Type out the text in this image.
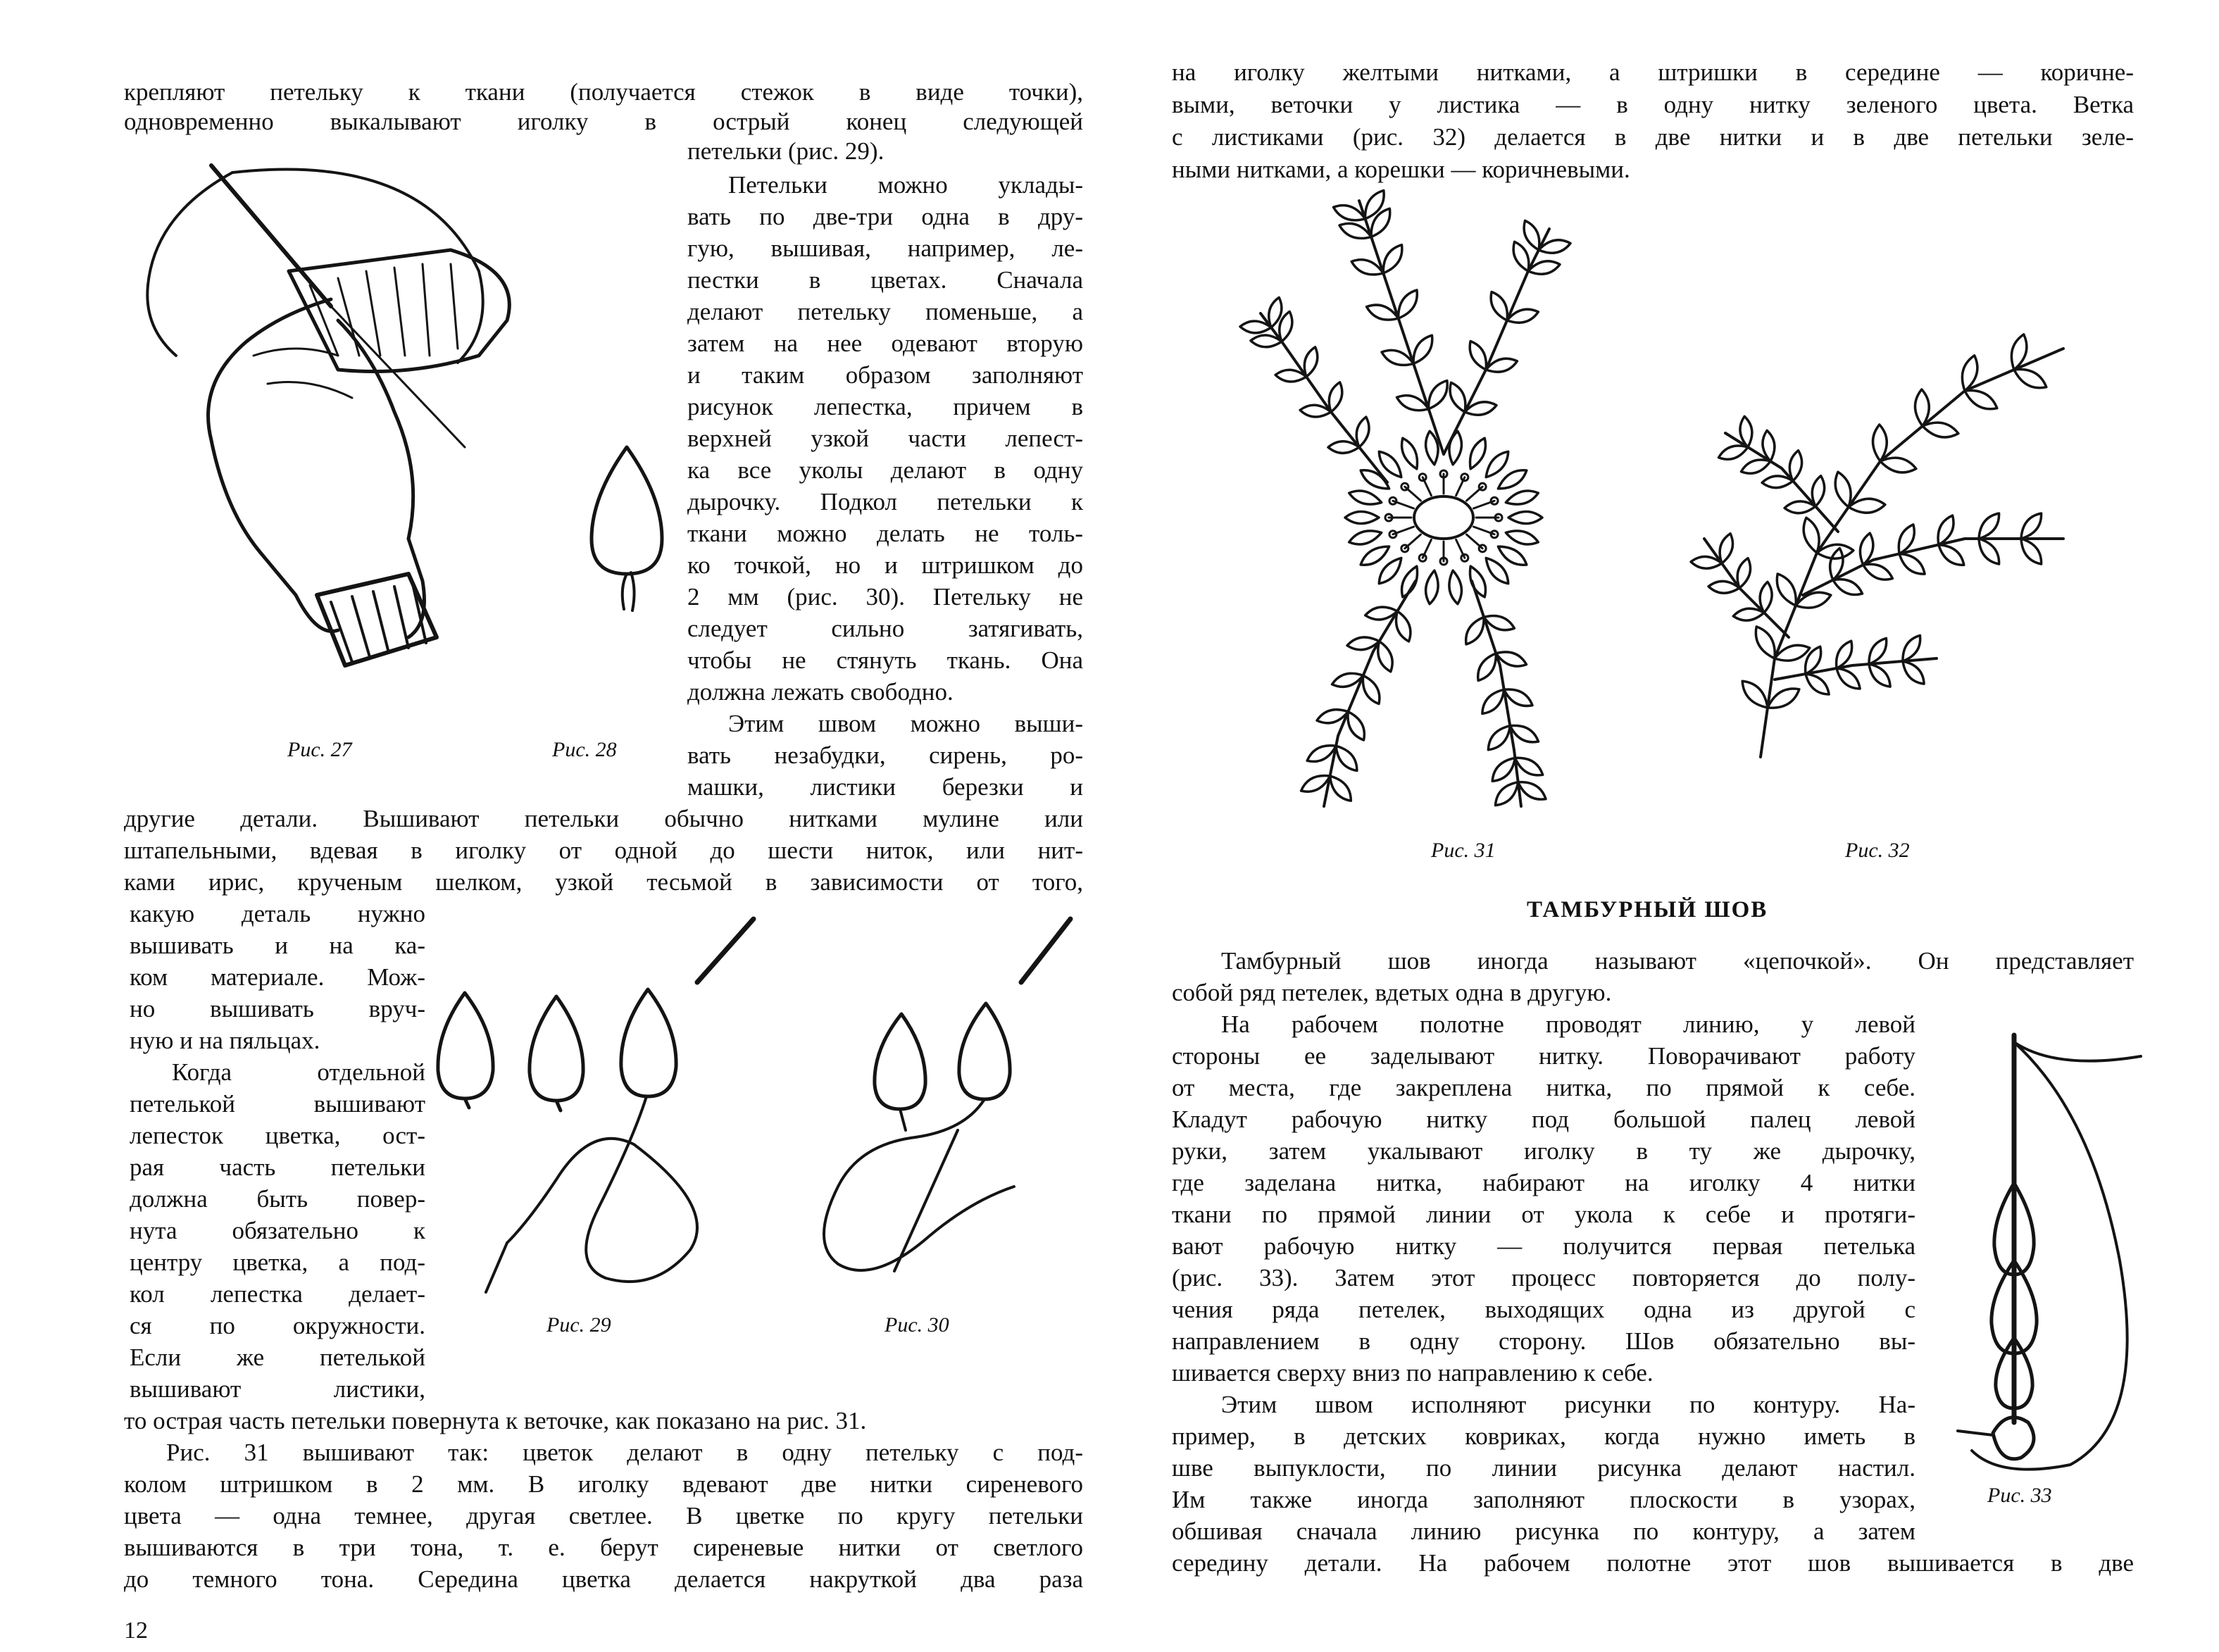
крепляют петельку к ткани (получается стежок в виде точки),

одновременно выкалывают иголку в острый конец следующей

петельки (рис. 29).

Петельки можно уклады-

вать по две-три одна в дру-

гую, вышивая, например, ле-

пестки в цветах. Сначала

делают петельку поменьше, а

затем на нее одевают вторую

и таким образом заполняют

рисунок лепестка, причем в

верхней узкой части лепест-

ка все уколы делают в одну

дырочку. Подкол петельки к

ткани можно делать не толь-

ко точкой, но и штришком до

2 мм (рис. 30). Петельку не

следует сильно затягивать,

чтобы не стянуть ткань. Она

должна лежать свободно.

Этим швом можно выши-

вать незабудки, сирень, ро-

машки, листики березки и

Рис. 27	Рис. 28

другие детали. Вышивают петельки обычно нитками мулине или

штапельными, вдевая в иголку от одной до шести ниток, или нит-

ками ирис, крученым шелком, узкой тесьмой в зависимости от того,

какую деталь нужно

вышивать и на ка-

ком материале. Мож-

но вышивать вруч-

ную и на пяльцах.

Когда отдельной

петелькой вышивают

лепесток цветка, ост-

рая часть петельки

должна быть повер-

нута обязательно к

центру цветка, а под-

кол лепестка делает-

ся по окружности.

Если же петелькой

вышивают листики,

Рис. 29	Рис. 30

то острая часть петельки повернута к веточке, как показано на рис. 31.

Рис. 31 вышивают так: цветок делают в одну петельку с под-

колом штришком в 2 мм. В иголку вдевают две нитки сиреневого

цвета — одна темнее, другая светлее. В цветке по кругу петельки

вышиваются в три тона, т. е. берут сиреневые нитки от светлого

до темного тона. Середина цветка делается накруткой два раза

12

на иголку желтыми нитками, а штришки в середине — коричне-

выми, веточки у листика — в одну нитку зеленого цвета. Ветка

с листиками (рис. 32) делается в две нитки и в две петельки зеле-

ными нитками, а корешки — коричневыми.

Рис. 31	Рис. 32

ТАМБУРНЫЙ ШОВ

Тамбурный шов иногда называют «цепочкой». Он представляет

собой ряд петелек, вдетых одна в другую.

На рабочем полотне проводят линию, у левой

стороны ее заделывают нитку. Поворачивают работу

от места, где закреплена нитка, по прямой к себе.

Кладут рабочую нитку под большой палец левой

руки, затем укалывают иголку в ту же дырочку,

где заделана нитка, набирают на иголку 4 нитки

ткани по прямой линии от укола к себе и протяги-

вают рабочую нитку — получится первая петелька

(рис. 33). Затем этот процесс повторяется до полу-

чения ряда петелек, выходящих одна из другой с

направлением в одну сторону. Шов обязательно вы-

шивается сверху вниз по направлению к себе.

Этим швом исполняют рисунки по контуру. На-

пример, в детских ковриках, когда нужно иметь в

шве выпуклости, по линии рисунка делают настил.

Им также иногда заполняют плоскости в узорах,

обшивая сначала линию рисунка по контуру, а затем

Рис. 33

середину детали. На рабочем полотне этот шов вышивается в две
